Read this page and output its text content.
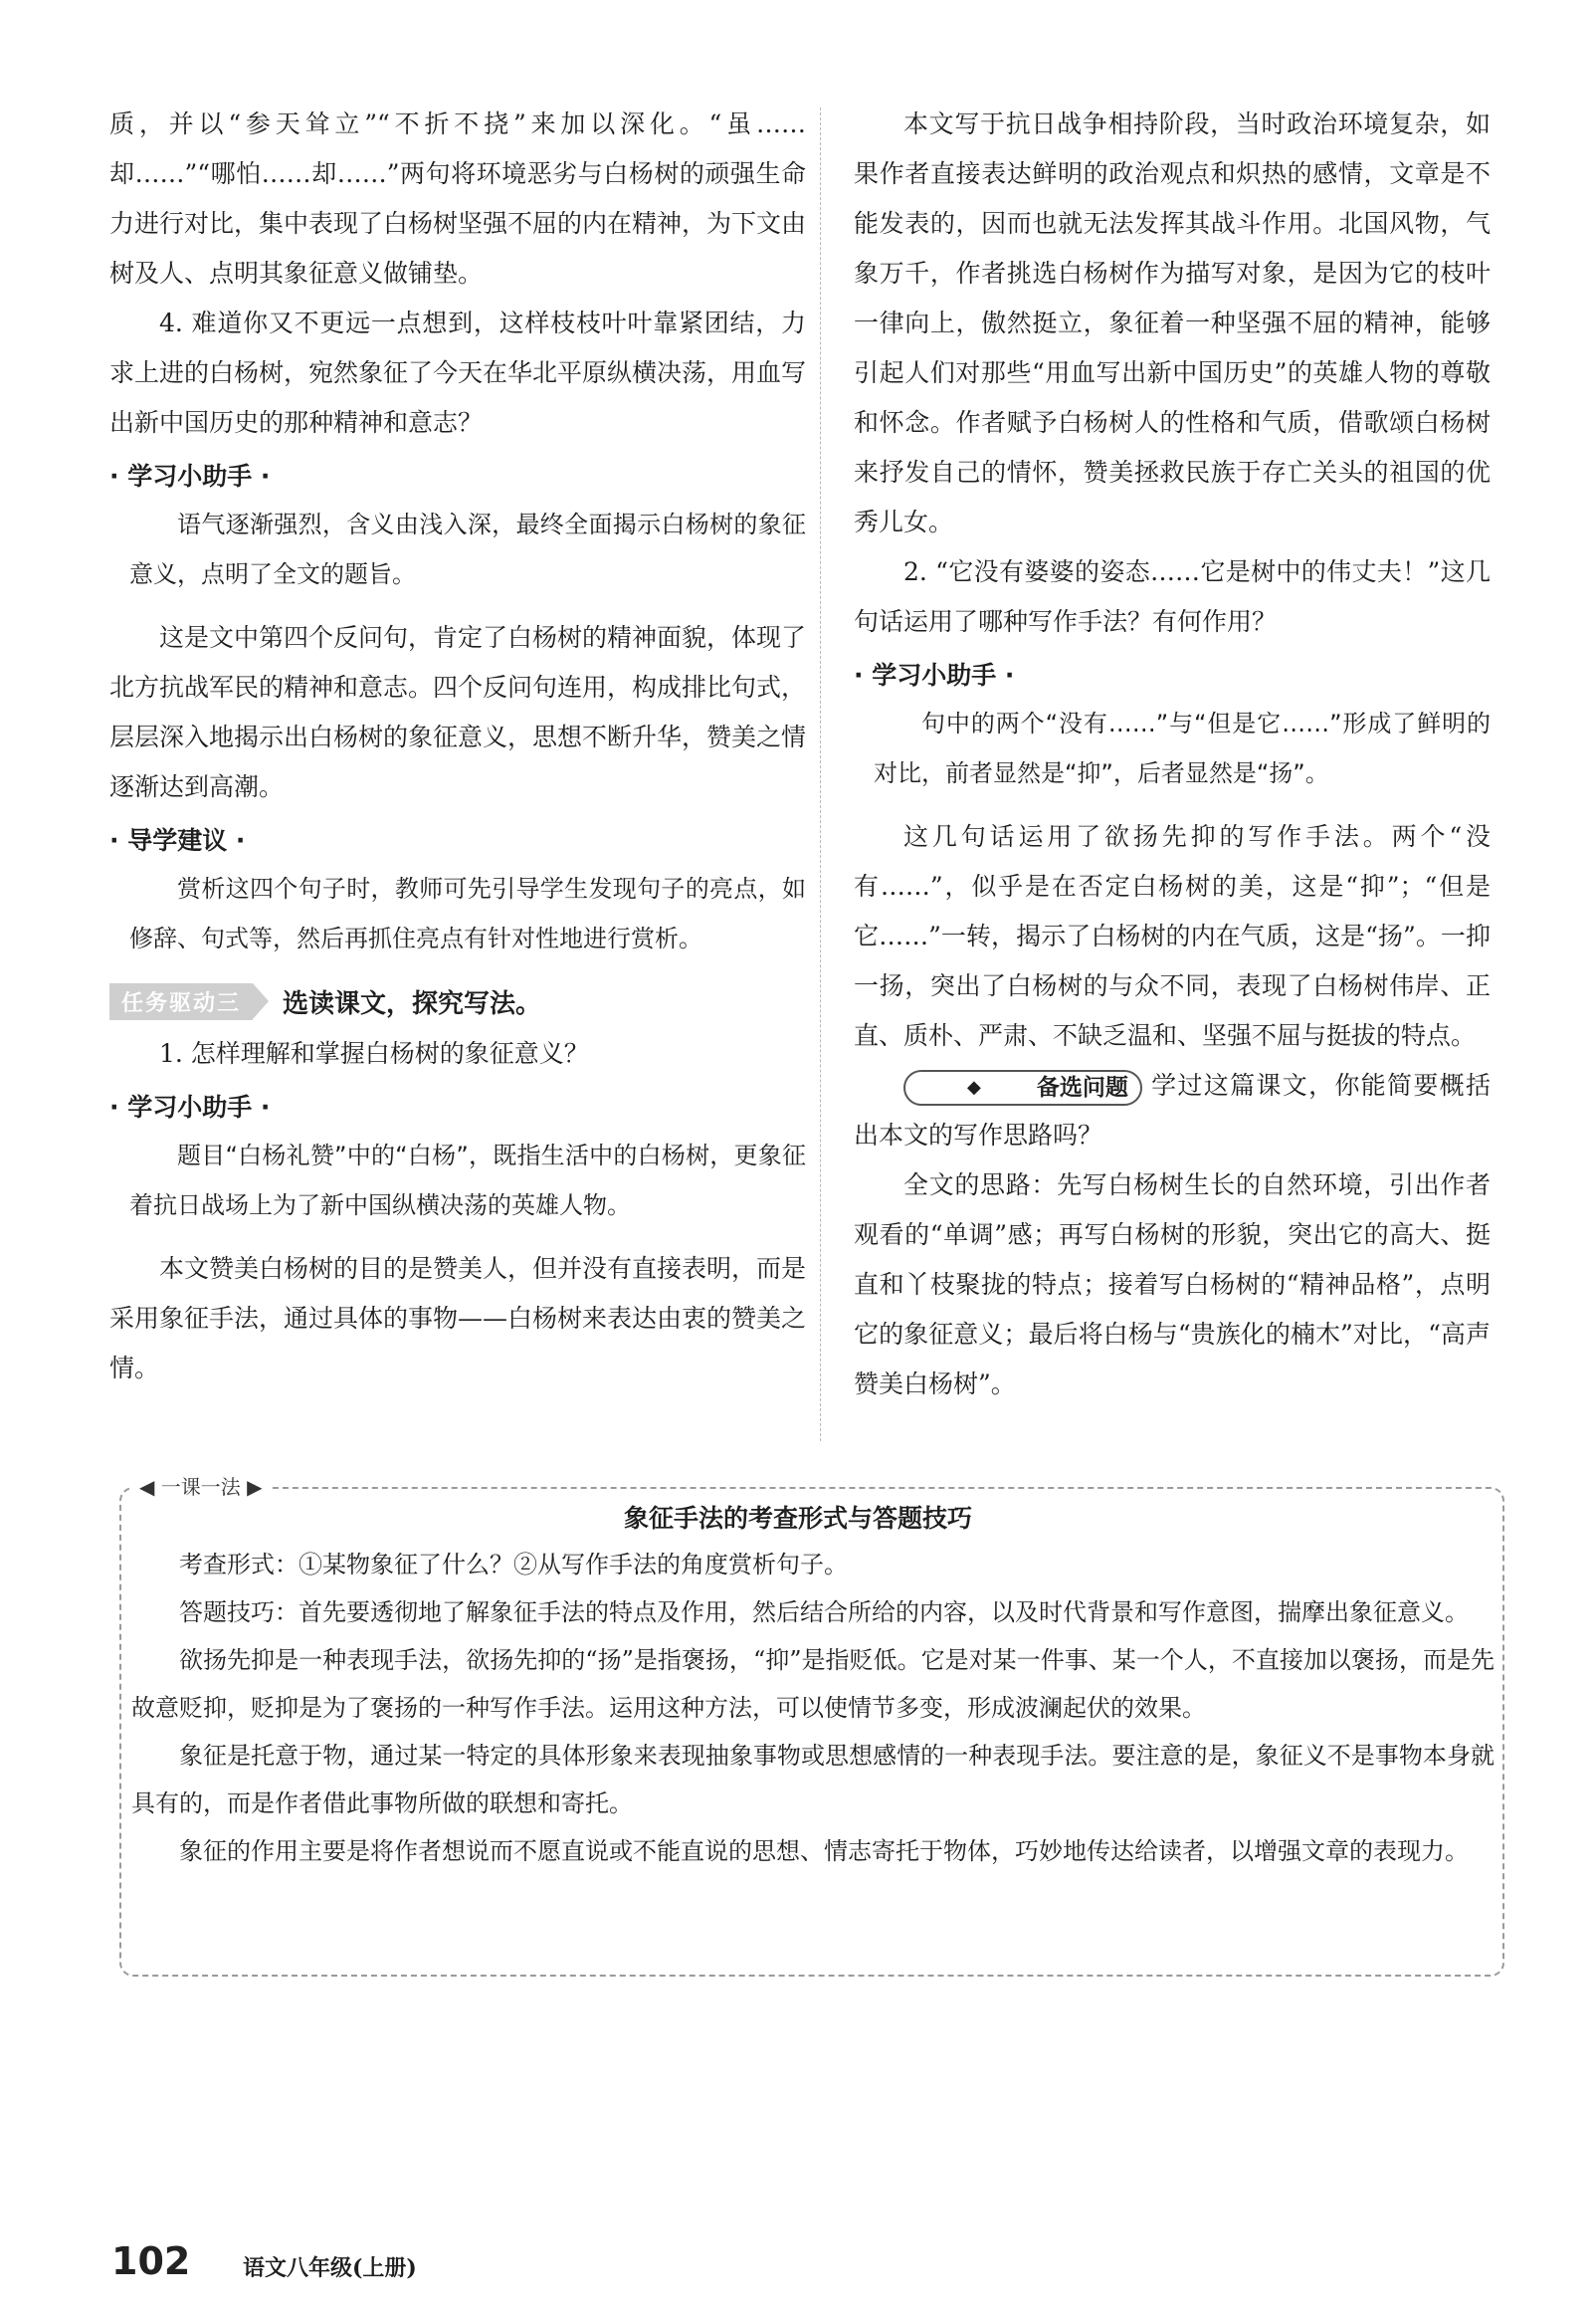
质，并以“参天耸立”“不折不挠”来加以深化。“虽……却……”“哪怕……却……”两句将环境恶劣与白杨树的顽强生命力进行对比，集中表现了白杨树坚强不屈的内在精神，为下文由树及人、点明其象征意义做铺垫。

4. 难道你又不更远一点想到，这样枝枝叶叶靠紧团结，力求上进的白杨树，宛然象征了今天在华北平原纵横决荡，用血写出新中国历史的那种精神和意志？

· 学习小助手 ·

语气逐渐强烈，含义由浅入深，最终全面揭示白杨树的象征意义，点明了全文的题旨。

这是文中第四个反问句，肯定了白杨树的精神面貌，体现了北方抗战军民的精神和意志。四个反问句连用，构成排比句式，层层深入地揭示出白杨树的象征意义，思想不断升华，赞美之情逐渐达到高潮。

· 导学建议 ·

赏析这四个句子时，教师可先引导学生发现句子的亮点，如修辞、句式等，然后再抓住亮点有针对性地进行赏析。

任务驱动三	选读课文，探究写法。

1. 怎样理解和掌握白杨树的象征意义？

· 学习小助手 ·

题目“白杨礼赞”中的“白杨”，既指生活中的白杨树，更象征着抗日战场上为了新中国纵横决荡的英雄人物。

本文赞美白杨树的目的是赞美人，但并没有直接表明，而是采用象征手法，通过具体的事物——白杨树来表达由衷的赞美之情。

本文写于抗日战争相持阶段，当时政治环境复杂，如果作者直接表达鲜明的政治观点和炽热的感情，文章是不能发表的，因而也就无法发挥其战斗作用。北国风物，气象万千，作者挑选白杨树作为描写对象，是因为它的枝叶一律向上，傲然挺立，象征着一种坚强不屈的精神，能够引起人们对那些“用血写出新中国历史”的英雄人物的尊敬和怀念。作者赋予白杨树人的性格和气质，借歌颂白杨树来抒发自己的情怀，赞美拯救民族于存亡关头的祖国的优秀儿女。

2. “它没有婆婆的姿态……它是树中的伟丈夫！”这几句话运用了哪种写作手法？有何作用？

· 学习小助手 ·

句中的两个“没有……”与“但是它……”形成了鲜明的对比，前者显然是“抑”，后者显然是“扬”。

这几句话运用了欲扬先抑的写作手法。两个“没有……”，似乎是在否定白杨树的美，这是“抑”；“但是它……”一转，揭示了白杨树的内在气质，这是“扬”。一抑一扬，突出了白杨树的与众不同，表现了白杨树伟岸、正直、质朴、严肃、不缺乏温和、坚强不屈与挺拔的特点。

◆	备选问题 学过这篇课文，你能简要概括出本文的写作思路吗？

全文的思路：先写白杨树生长的自然环境，引出作者观看的“单调”感；再写白杨树的形貌，突出它的高大、挺直和丫枝聚拢的特点；接着写白杨树的“精神品格”，点明它的象征意义；最后将白杨与“贵族化的楠木”对比，“高声赞美白杨树”。

◀ 一课一法 ▶
象征手法的考查形式与答题技巧

考查形式：①某物象征了什么？②从写作手法的角度赏析句子。

答题技巧：首先要透彻地了解象征手法的特点及作用，然后结合所给的内容，以及时代背景和写作意图，揣摩出象征意义。

欲扬先抑是一种表现手法，欲扬先抑的“扬”是指褒扬，“抑”是指贬低。它是对某一件事、某一个人，不直接加以褒扬，而是先故意贬抑，贬抑是为了褒扬的一种写作手法。运用这种方法，可以使情节多变，形成波澜起伏的效果。

象征是托意于物，通过某一特定的具体形象来表现抽象事物或思想感情的一种表现手法。要注意的是，象征义不是事物本身就具有的，而是作者借此事物所做的联想和寄托。

象征的作用主要是将作者想说而不愿直说或不能直说的思想、情志寄托于物体，巧妙地传达给读者，以增强文章的表现力。

102 语文八年级(上册)
